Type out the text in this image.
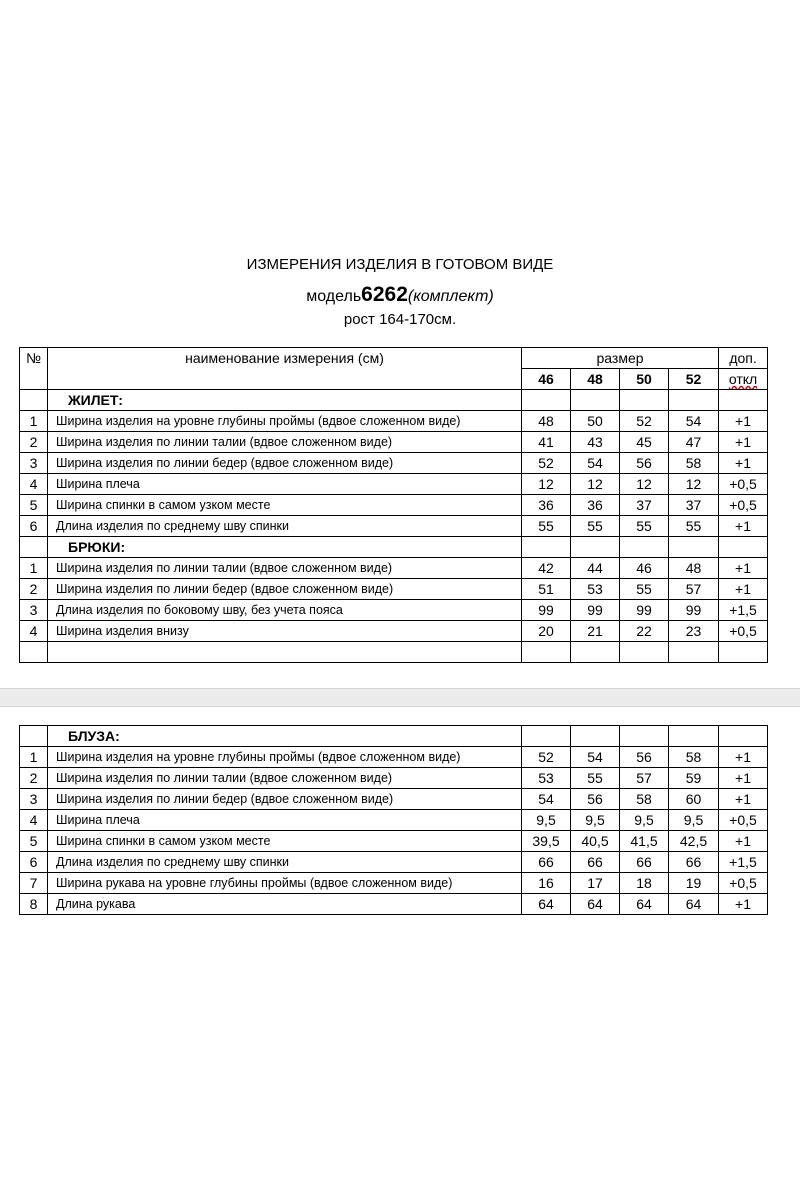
ИЗМЕРЕНИЯ ИЗДЕЛИЯ В ГОТОВОМ ВИДЕ
модель6262(комплект)
рост 164-170см.
№	наименование измерения (см)	размер				доп.
		46	48	50	52	откл
	ЖИЛЕТ:					
1	Ширина изделия на уровне глубины проймы (вдвое сложенном виде)	48	50	52	54	+1
2	Ширина изделия по линии талии (вдвое сложенном виде)	41	43	45	47	+1
3	Ширина изделия по линии бедер (вдвое сложенном виде)	52	54	56	58	+1
4	Ширина плеча	12	12	12	12	+0,5
5	Ширина спинки в самом узком месте	36	36	37	37	+0,5
6	Длина изделия по среднему шву спинки	55	55	55	55	+1
	БРЮКИ:					
1	Ширина изделия по линии талии (вдвое сложенном виде)	42	44	46	48	+1
2	Ширина изделия по линии бедер (вдвое сложенном виде)	51	53	55	57	+1
3	Длина изделия по боковому шву, без учета пояса	99	99	99	99	+1,5
4	Ширина изделия внизу	20	21	22	23	+0,5

	БЛУЗА:					
1	Ширина изделия на уровне глубины проймы (вдвое сложенном виде)	52	54	56	58	+1
2	Ширина изделия по линии талии (вдвое сложенном виде)	53	55	57	59	+1
3	Ширина изделия по линии бедер (вдвое сложенном виде)	54	56	58	60	+1
4	Ширина плеча	9,5	9,5	9,5	9,5	+0,5
5	Ширина спинки в самом узком месте	39,5	40,5	41,5	42,5	+1
6	Длина изделия по среднему шву спинки	66	66	66	66	+1,5
7	Ширина рукава на уровне глубины проймы (вдвое сложенном виде)	16	17	18	19	+0,5
8	Длина рукава	64	64	64	64	+1
